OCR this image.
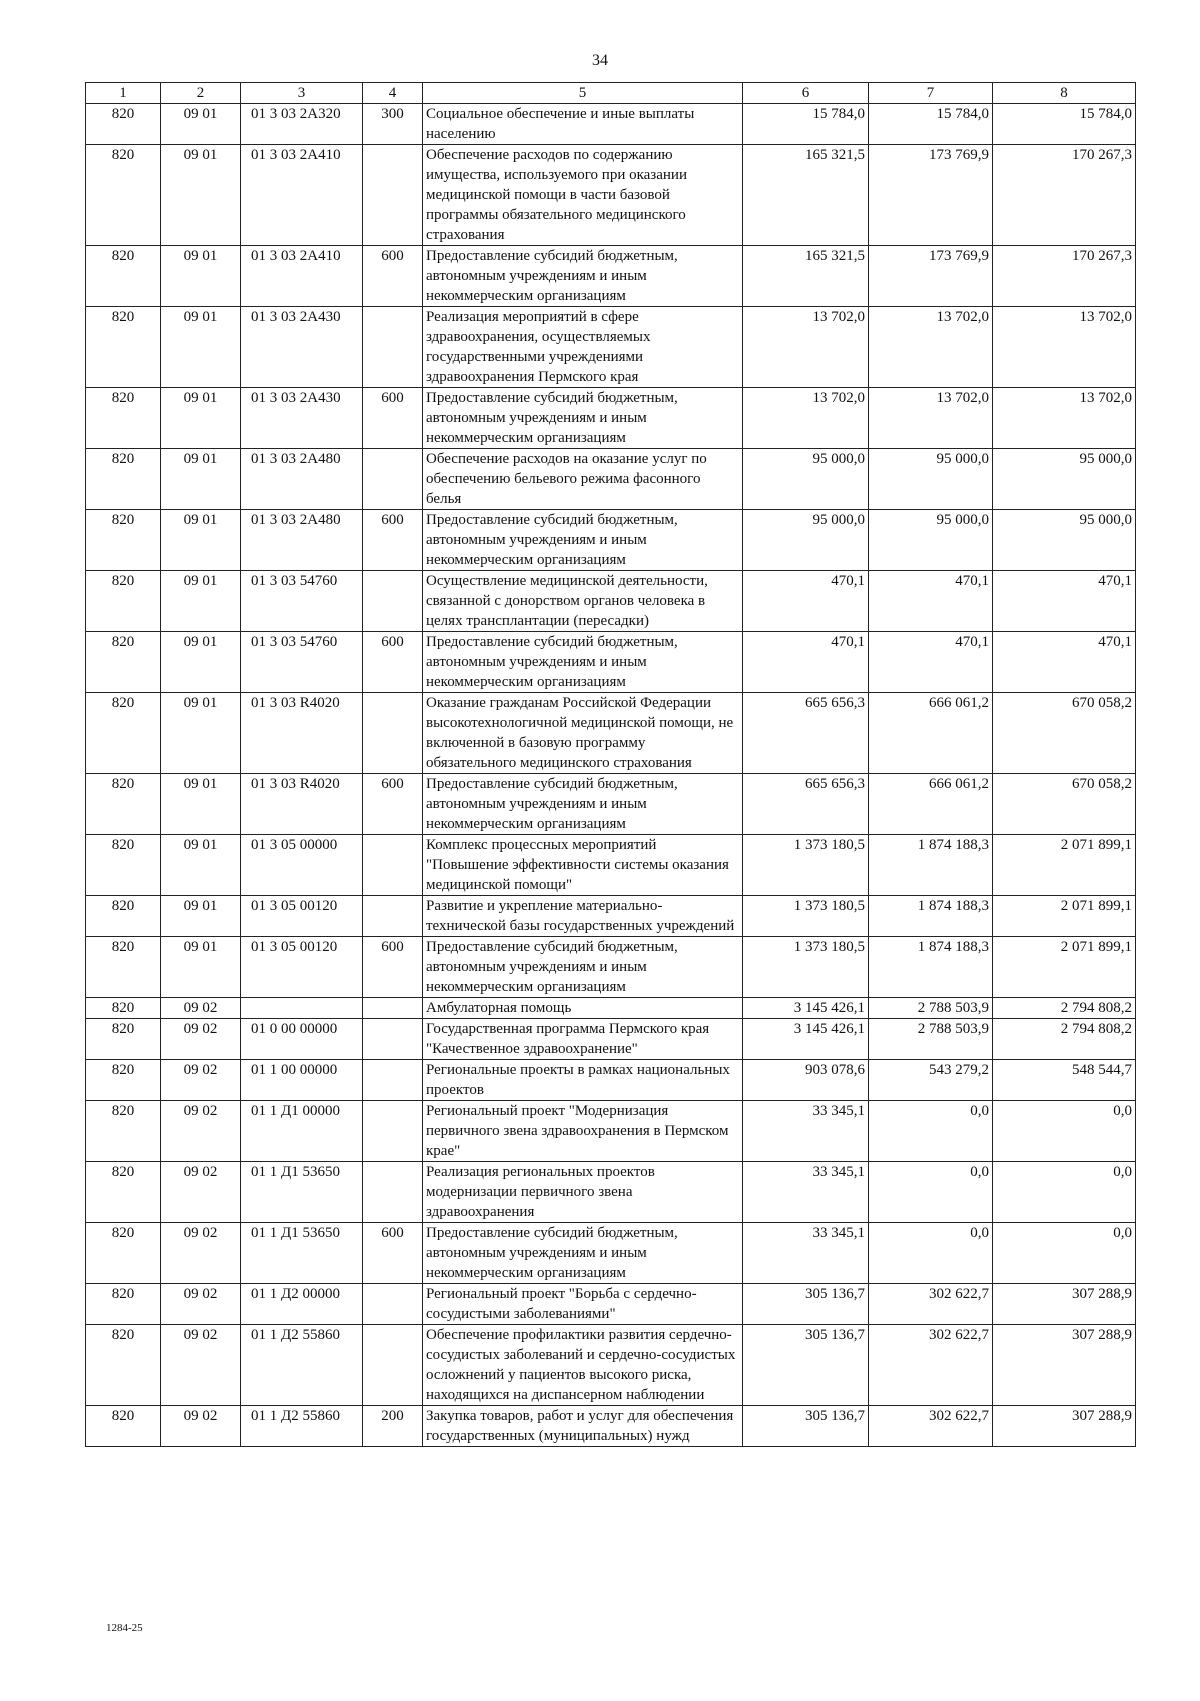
34
1	2	3	4	5	6	7	8
820	09 01	01 3 03 2А320	300	Социальное обеспечение и иные выплаты населению	15 784,0	15 784,0	15 784,0
820	09 01	01 3 03 2А410		Обеспечение расходов по содержанию имущества, используемого при оказании медицинской помощи в части базовой программы обязательного медицинского страхования	165 321,5	173 769,9	170 267,3
820	09 01	01 3 03 2А410	600	Предоставление субсидий бюджетным, автономным учреждениям и иным некоммерческим организациям	165 321,5	173 769,9	170 267,3
820	09 01	01 3 03 2А430		Реализация мероприятий в сфере здравоохранения, осуществляемых государственными учреждениями здравоохранения Пермского края	13 702,0	13 702,0	13 702,0
820	09 01	01 3 03 2А430	600	Предоставление субсидий бюджетным, автономным учреждениям и иным некоммерческим организациям	13 702,0	13 702,0	13 702,0
820	09 01	01 3 03 2А480		Обеспечение расходов на оказание услуг по обеспечению бельевого режима фасонного белья	95 000,0	95 000,0	95 000,0
820	09 01	01 3 03 2А480	600	Предоставление субсидий бюджетным, автономным учреждениям и иным некоммерческим организациям	95 000,0	95 000,0	95 000,0
820	09 01	01 3 03 54760		Осуществление медицинской деятельности, связанной с донорством органов человека в целях трансплантации (пересадки)	470,1	470,1	470,1
820	09 01	01 3 03 54760	600	Предоставление субсидий бюджетным, автономным учреждениям и иным некоммерческим организациям	470,1	470,1	470,1
820	09 01	01 3 03 R4020		Оказание гражданам Российской Федерации высокотехнологичной медицинской помощи, не включенной в базовую программу обязательного медицинского страхования	665 656,3	666 061,2	670 058,2
820	09 01	01 3 03 R4020	600	Предоставление субсидий бюджетным, автономным учреждениям и иным некоммерческим организациям	665 656,3	666 061,2	670 058,2
820	09 01	01 3 05 00000		Комплекс процессных мероприятий "Повышение эффективности системы оказания медицинской помощи"	1 373 180,5	1 874 188,3	2 071 899,1
820	09 01	01 3 05 00120		Развитие и укрепление материально-технической базы государственных учреждений	1 373 180,5	1 874 188,3	2 071 899,1
820	09 01	01 3 05 00120	600	Предоставление субсидий бюджетным, автономным учреждениям и иным некоммерческим организациям	1 373 180,5	1 874 188,3	2 071 899,1
820	09 02			Амбулаторная помощь	3 145 426,1	2 788 503,9	2 794 808,2
820	09 02	01 0 00 00000		Государственная программа Пермского края "Качественное здравоохранение"	3 145 426,1	2 788 503,9	2 794 808,2
820	09 02	01 1 00 00000		Региональные проекты в рамках национальных проектов	903 078,6	543 279,2	548 544,7
820	09 02	01 1 Д1 00000		Региональный проект "Модернизация первичного звена здравоохранения в Пермском крае"	33 345,1	0,0	0,0
820	09 02	01 1 Д1 53650		Реализация региональных проектов модернизации первичного звена здравоохранения	33 345,1	0,0	0,0
820	09 02	01 1 Д1 53650	600	Предоставление субсидий бюджетным, автономным учреждениям и иным некоммерческим организациям	33 345,1	0,0	0,0
820	09 02	01 1 Д2 00000		Региональный проект "Борьба с сердечно-сосудистыми заболеваниями"	305 136,7	302 622,7	307 288,9
820	09 02	01 1 Д2 55860		Обеспечение профилактики развития сердечно-сосудистых заболеваний и сердечно-сосудистых осложнений у пациентов высокого риска, находящихся на диспансерном наблюдении	305 136,7	302 622,7	307 288,9
820	09 02	01 1 Д2 55860	200	Закупка товаров, работ и услуг для обеспечения государственных (муниципальных) нужд	305 136,7	302 622,7	307 288,9
1284-25
